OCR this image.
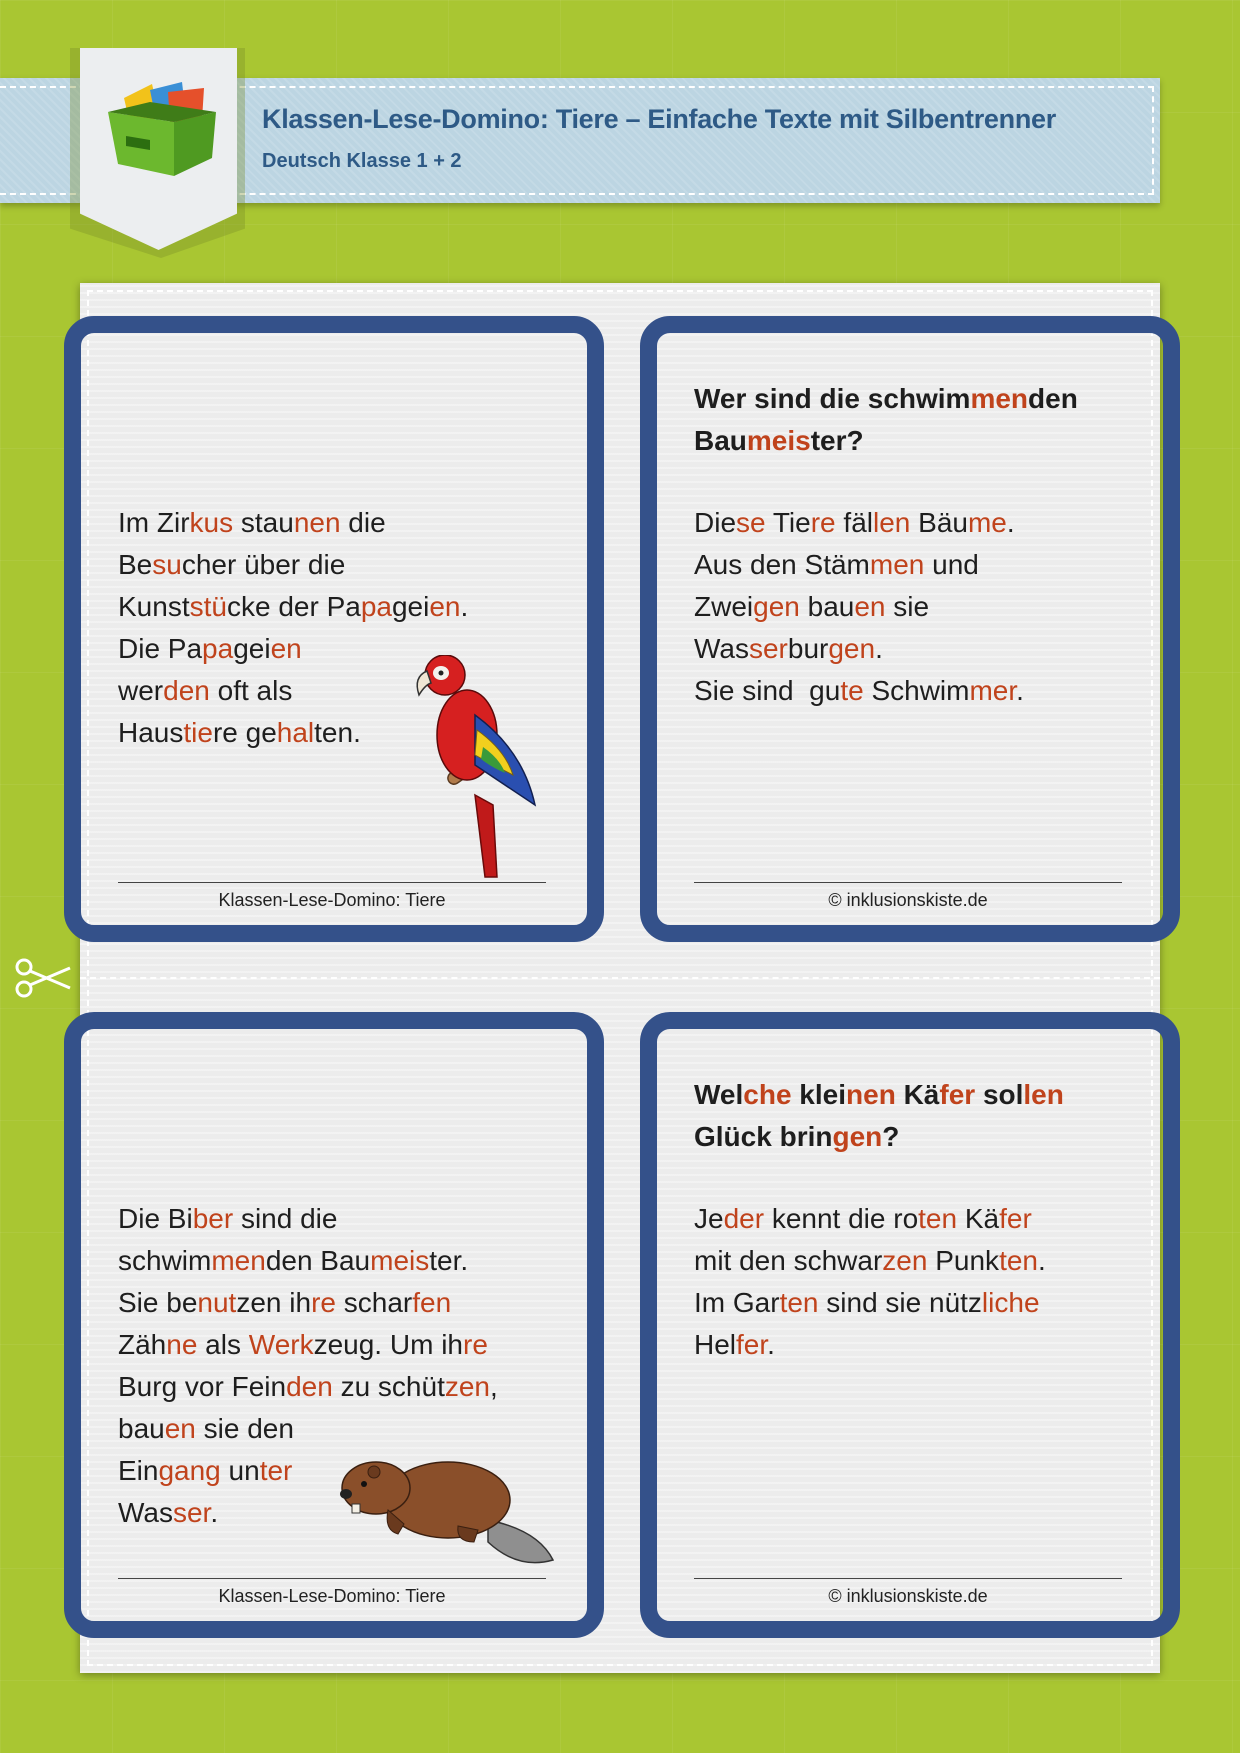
Klassen-Lese-Domino: Tiere – Einfache Texte mit Silbentrenner
Deutsch Klasse 1 + 2
Im Zirkus staunen die
Besucher über die
Kunststücke der Papageien.
Die Papageien
werden oft als
Haustiere gehalten.
Klassen-Lese-Domino: Tiere
Wer sind die schwimmenden
Baumeister?
Diese Tiere fällen Bäume.
Aus den Stämmen und
Zweigen bauen sie
Wasserburgen.
Sie sind  gute Schwimmer.
© inklusionskiste.de
Die Biber sind die
schwimmenden Baumeister.
Sie benutzen ihre scharfen
Zähne als Werkzeug. Um ihre
Burg vor Feinden zu schützen,
bauen sie den
Eingang unter
Wasser.
Klassen-Lese-Domino: Tiere
Welche kleinen Käfer sollen
Glück bringen?
Jeder kennt die roten Käfer
mit den schwarzen Punkten.
Im Garten sind sie nützliche
Helfer.
© inklusionskiste.de
